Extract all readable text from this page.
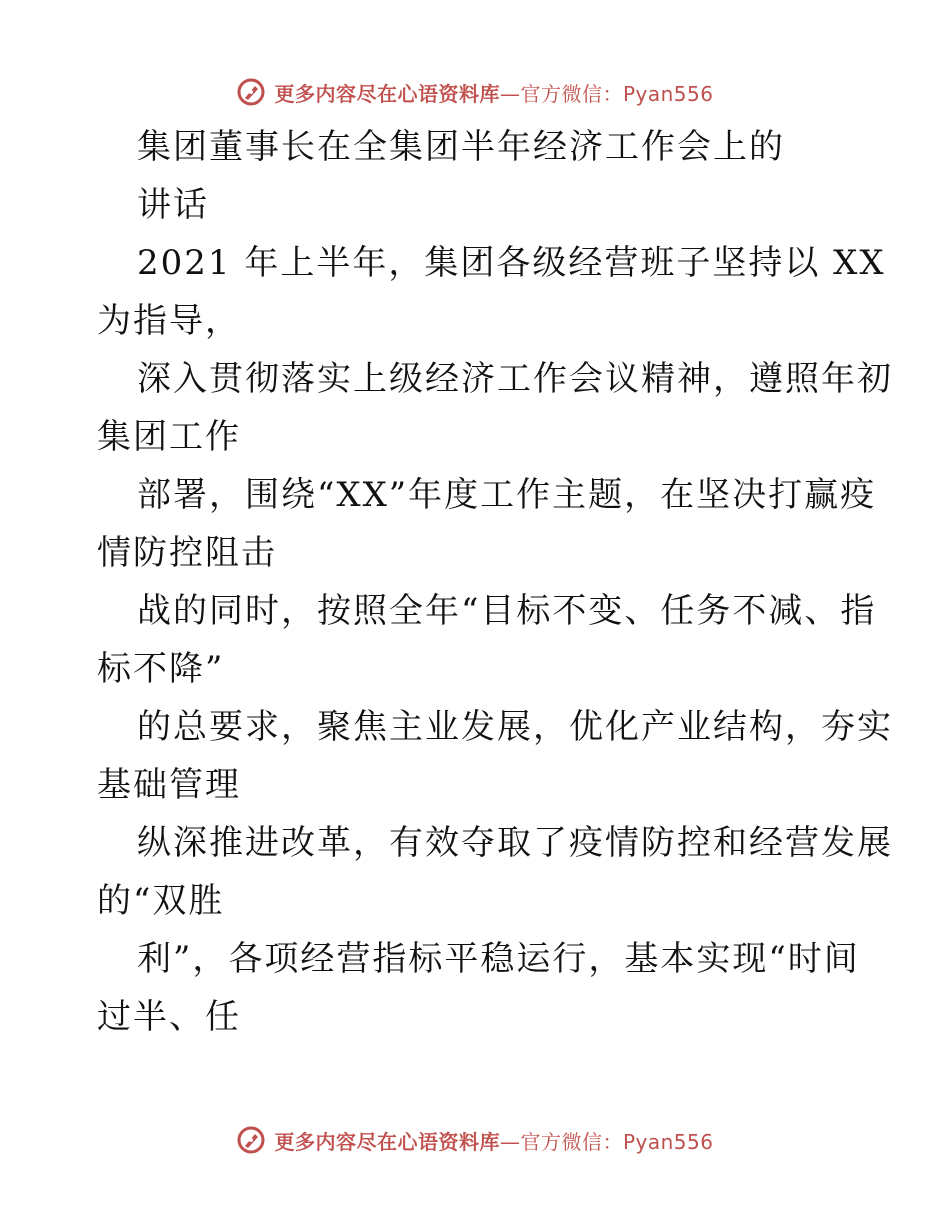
更多内容尽在心语资料库—官方微信：Pyan556
集团董事长在全集团半年经济工作会上的
讲话
2021 年上半年，集团各级经营班子坚持以 XX
为指导，
深入贯彻落实上级经济工作会议精神，遵照年初
集团工作
部署，围绕“XX”年度工作主题，在坚决打赢疫
情防控阻击
战的同时，按照全年“目标不变、任务不减、指
标不降”
的总要求，聚焦主业发展，优化产业结构，夯实
基础管理
纵深推进改革，有效夺取了疫情防控和经营发展
的“双胜
利”，各项经营指标平稳运行，基本实现“时间
过半、任
更多内容尽在心语资料库—官方微信：Pyan556
